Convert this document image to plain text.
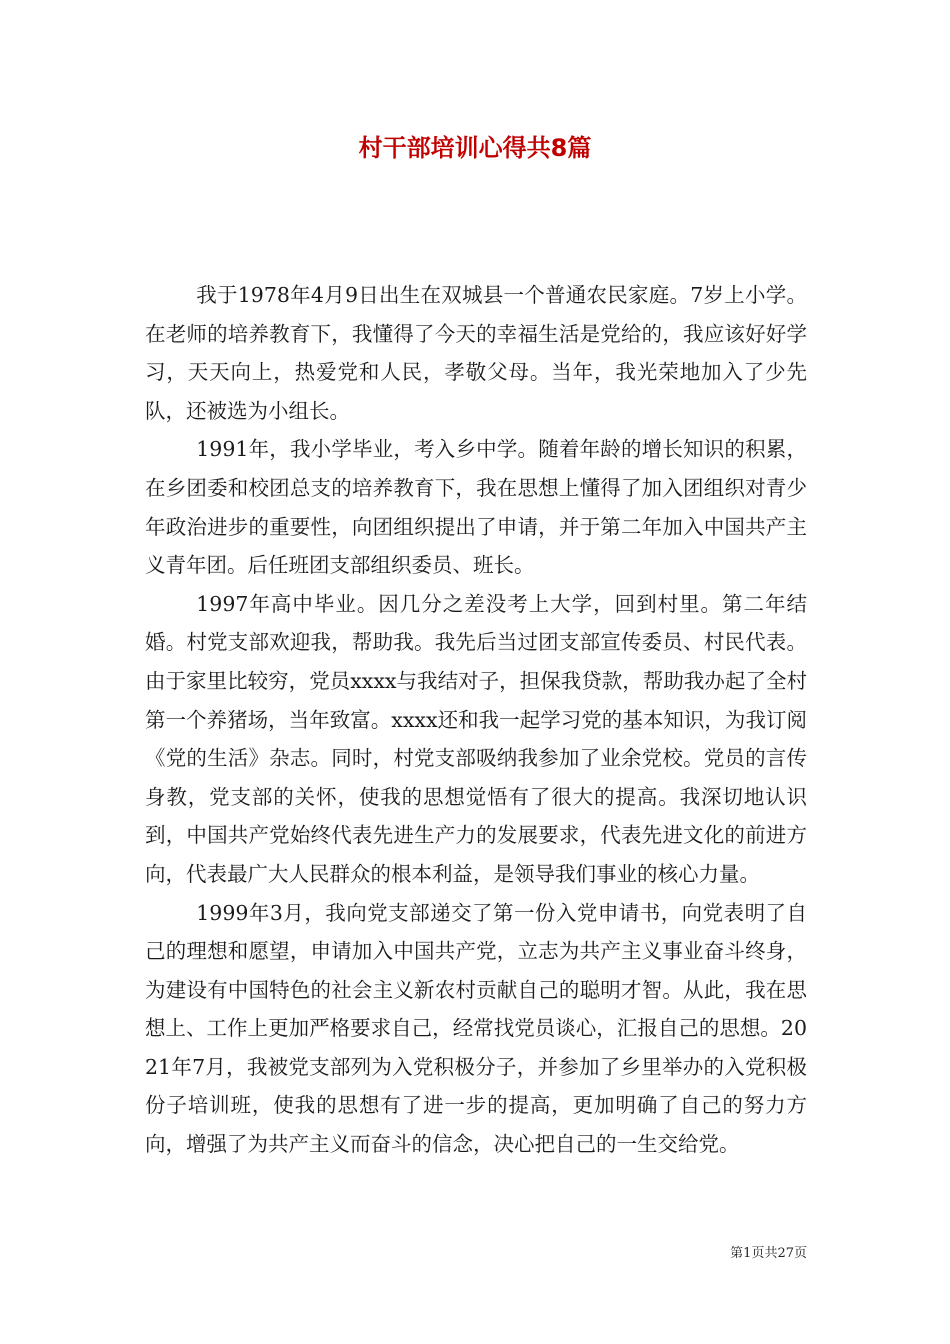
村干部培训心得共8篇

我于1978年4月9日出生在双城县一个普通农民家庭。7岁上小学。在老师的培养教育下，我懂得了今天的幸福生活是党给的，我应该好好学习，天天向上，热爱党和人民，孝敬父母。当年，我光荣地加入了少先队，还被选为小组长。

1991年，我小学毕业，考入乡中学。随着年龄的增长知识的积累，在乡团委和校团总支的培养教育下，我在思想上懂得了加入团组织对青少年政治进步的重要性，向团组织提出了申请，并于第二年加入中国共产主义青年团。后任班团支部组织委员、班长。

1997年高中毕业。因几分之差没考上大学，回到村里。第二年结婚。村党支部欢迎我，帮助我。我先后当过团支部宣传委员、村民代表。由于家里比较穷，党员xxxx与我结对子，担保我贷款，帮助我办起了全村第一个养猪场，当年致富。xxxx还和我一起学习党的基本知识，为我订阅《党的生活》杂志。同时，村党支部吸纳我参加了业余党校。党员的言传身教，党支部的关怀，使我的思想觉悟有了很大的提高。我深切地认识到，中国共产党始终代表先进生产力的发展要求，代表先进文化的前进方向，代表最广大人民群众的根本利益，是领导我们事业的核心力量。

1999年3月，我向党支部递交了第一份入党申请书，向党表明了自己的理想和愿望，申请加入中国共产党，立志为共产主义事业奋斗终身，为建设有中国特色的社会主义新农村贡献自己的聪明才智。从此，我在思想上、工作上更加严格要求自己，经常找党员谈心，汇报自己的思想。2021年7月，我被党支部列为入党积极分子，并参加了乡里举办的入党积极份子培训班，使我的思想有了进一步的提高，更加明确了自己的努力方向，增强了为共产主义而奋斗的信念，决心把自己的一生交给党。

第1页共27页
